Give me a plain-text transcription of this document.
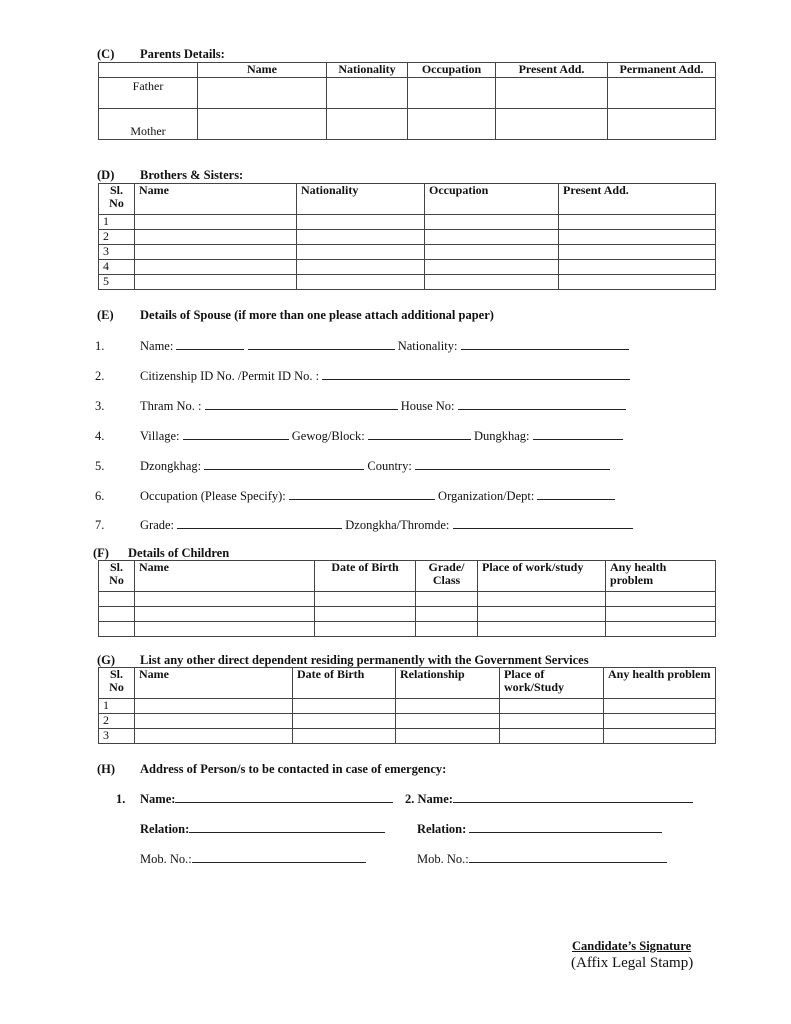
(C) Parents Details:
	Name	Nationality	Occupation	Present Add.	Permanent Add.
Father					
Mother					
(D) Brothers & Sisters:
Sl. No	Name	Nationality	Occupation	Present Add.
1				
2				
3				
4				
5				
(E) Details of Spouse (if more than one please attach additional paper)
1.	Name:	Nationality:
2.	Citizenship ID No. /Permit ID No. :
3.	Thram No. :	House No:
4.	Village:	Gewog/Block:	Dungkhag:
5.	Dzongkhag:	Country:
6.	Occupation (Please Specify):	Organization/Dept:
7.	Grade:	Dzongkha/Thromde:
(F) Details of Children
Sl. No	Name	Date of Birth	Grade/ Class	Place of work/study	Any health problem

(G) List any other direct dependent residing permanently with the Government Services
Sl. No	Name	Date of Birth	Relationship	Place of work/Study	Any health problem
1					
2					
3					
(H) Address of Person/s to be contacted in case of emergency:
1. Name:	2. Name:
Relation:	Relation:
Mob. No.:	Mob. No.:
Candidate’s Signature
(Affix Legal Stamp)
